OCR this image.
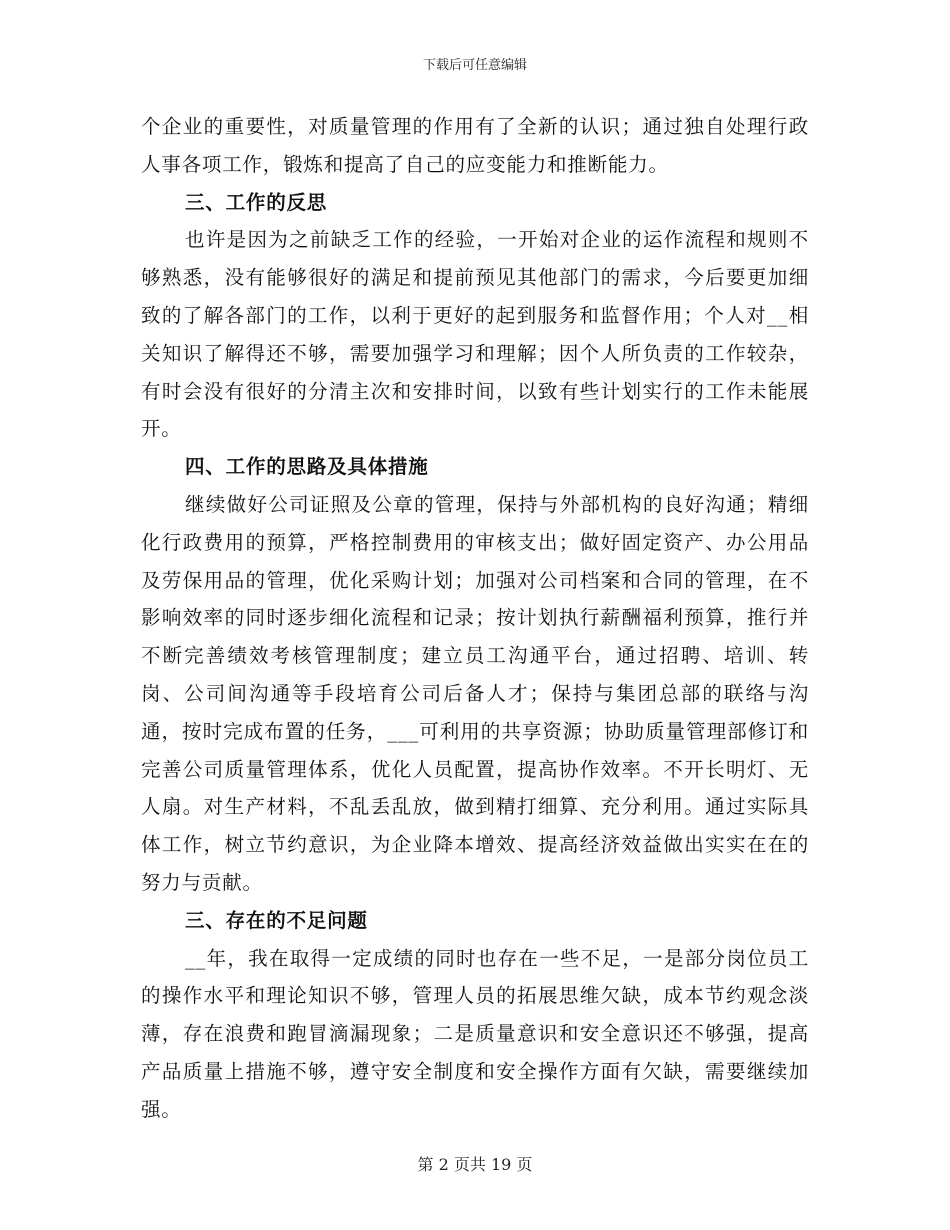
下载后可任意编辑

个企业的重要性，对质量管理的作用有了全新的认识；通过独自处理行政人事各项工作，锻炼和提高了自己的应变能力和推断能力。

三、工作的反思

也许是因为之前缺乏工作的经验，一开始对企业的运作流程和规则不够熟悉，没有能够很好的满足和提前预见其他部门的需求，今后要更加细致的了解各部门的工作，以利于更好的起到服务和监督作用；个人对__相关知识了解得还不够，需要加强学习和理解；因个人所负责的工作较杂，有时会没有很好的分清主次和安排时间，以致有些计划实行的工作未能展开。

四、工作的思路及具体措施

继续做好公司证照及公章的管理，保持与外部机构的良好沟通；精细化行政费用的预算，严格控制费用的审核支出；做好固定资产、办公用品及劳保用品的管理，优化采购计划；加强对公司档案和合同的管理，在不影响效率的同时逐步细化流程和记录；按计划执行薪酬福利预算，推行并不断完善绩效考核管理制度；建立员工沟通平台，通过招聘、培训、转岗、公司间沟通等手段培育公司后备人才；保持与集团总部的联络与沟通，按时完成布置的任务，___可利用的共享资源；协助质量管理部修订和完善公司质量管理体系，优化人员配置，提高协作效率。不开长明灯、无人扇。对生产材料，不乱丢乱放，做到精打细算、充分利用。通过实际具体工作，树立节约意识，为企业降本增效、提高经济效益做出实实在在的努力与贡献。

三、存在的不足问题

__年，我在取得一定成绩的同时也存在一些不足，一是部分岗位员工的操作水平和理论知识不够，管理人员的拓展思维欠缺，成本节约观念淡薄，存在浪费和跑冒滴漏现象；二是质量意识和安全意识还不够强，提高产品质量上措施不够，遵守安全制度和安全操作方面有欠缺，需要继续加强。

第 2 页共 19 页
